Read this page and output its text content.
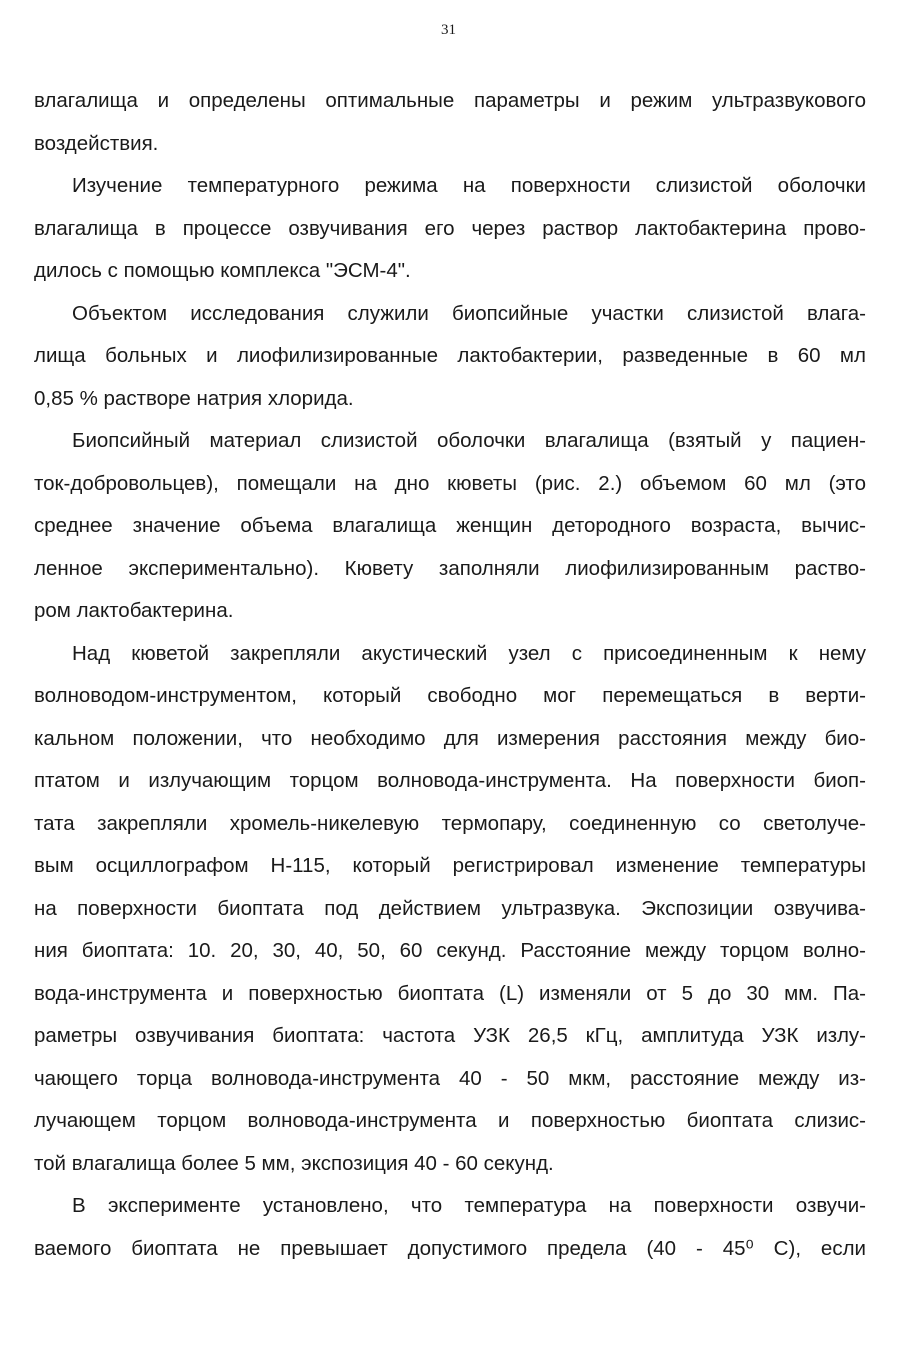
31
влагалища и определены оптимальные параметры и режим ультразвукового
воздействия.
Изучение температурного режима на поверхности слизистой оболочки
влагалища в процессе озвучивания его через раствор лактобактерина прово-
дилось с помощью комплекса "ЭСМ-4".
Объектом исследования служили биопсийные участки слизистой влага-
лища больных и лиофилизированные лактобактерии, разведенные в 60 мл
0,85 % растворе натрия хлорида.
Биопсийный материал слизистой оболочки влагалища (взятый у пациен-
ток-добровольцев), помещали на дно кюветы (рис. 2.) объемом 60 мл (это
среднее значение объема влагалища женщин детородного возраста, вычис-
ленное экспериментально). Кювету заполняли лиофилизированным раство-
ром лактобактерина.
Над кюветой закрепляли акустический узел с присоединенным к нему
волноводом-инструментом, который свободно мог перемещаться в верти-
кальном положении, что необходимо для измерения расстояния между био-
птатом и излучающим торцом волновода-инструмента. На поверхности биоп-
тата закрепляли хромель-никелевую термопару, соединенную со светолуче-
вым осциллографом Н-115, который регистрировал изменение температуры
на поверхности биоптата под действием ультразвука. Экспозиции озвучива-
ния биоптата: 10. 20, 30, 40, 50, 60 секунд. Расстояние между торцом волно-
вода-инструмента и поверхностью биоптата (L) изменяли от 5 до 30 мм. Па-
раметры озвучивания биоптата: частота УЗК 26,5 кГц, амплитуда УЗК излу-
чающего торца волновода-инструмента 40 - 50 мкм, расстояние между из-
лучающем торцом волновода-инструмента и поверхностью биоптата слизис-
той влагалища более 5 мм, экспозиция 40 - 60 секунд.
В эксперименте установлено, что температура на поверхности озвучи-
ваемого биоптата не превышает допустимого предела (40 - 45⁰ С), если
